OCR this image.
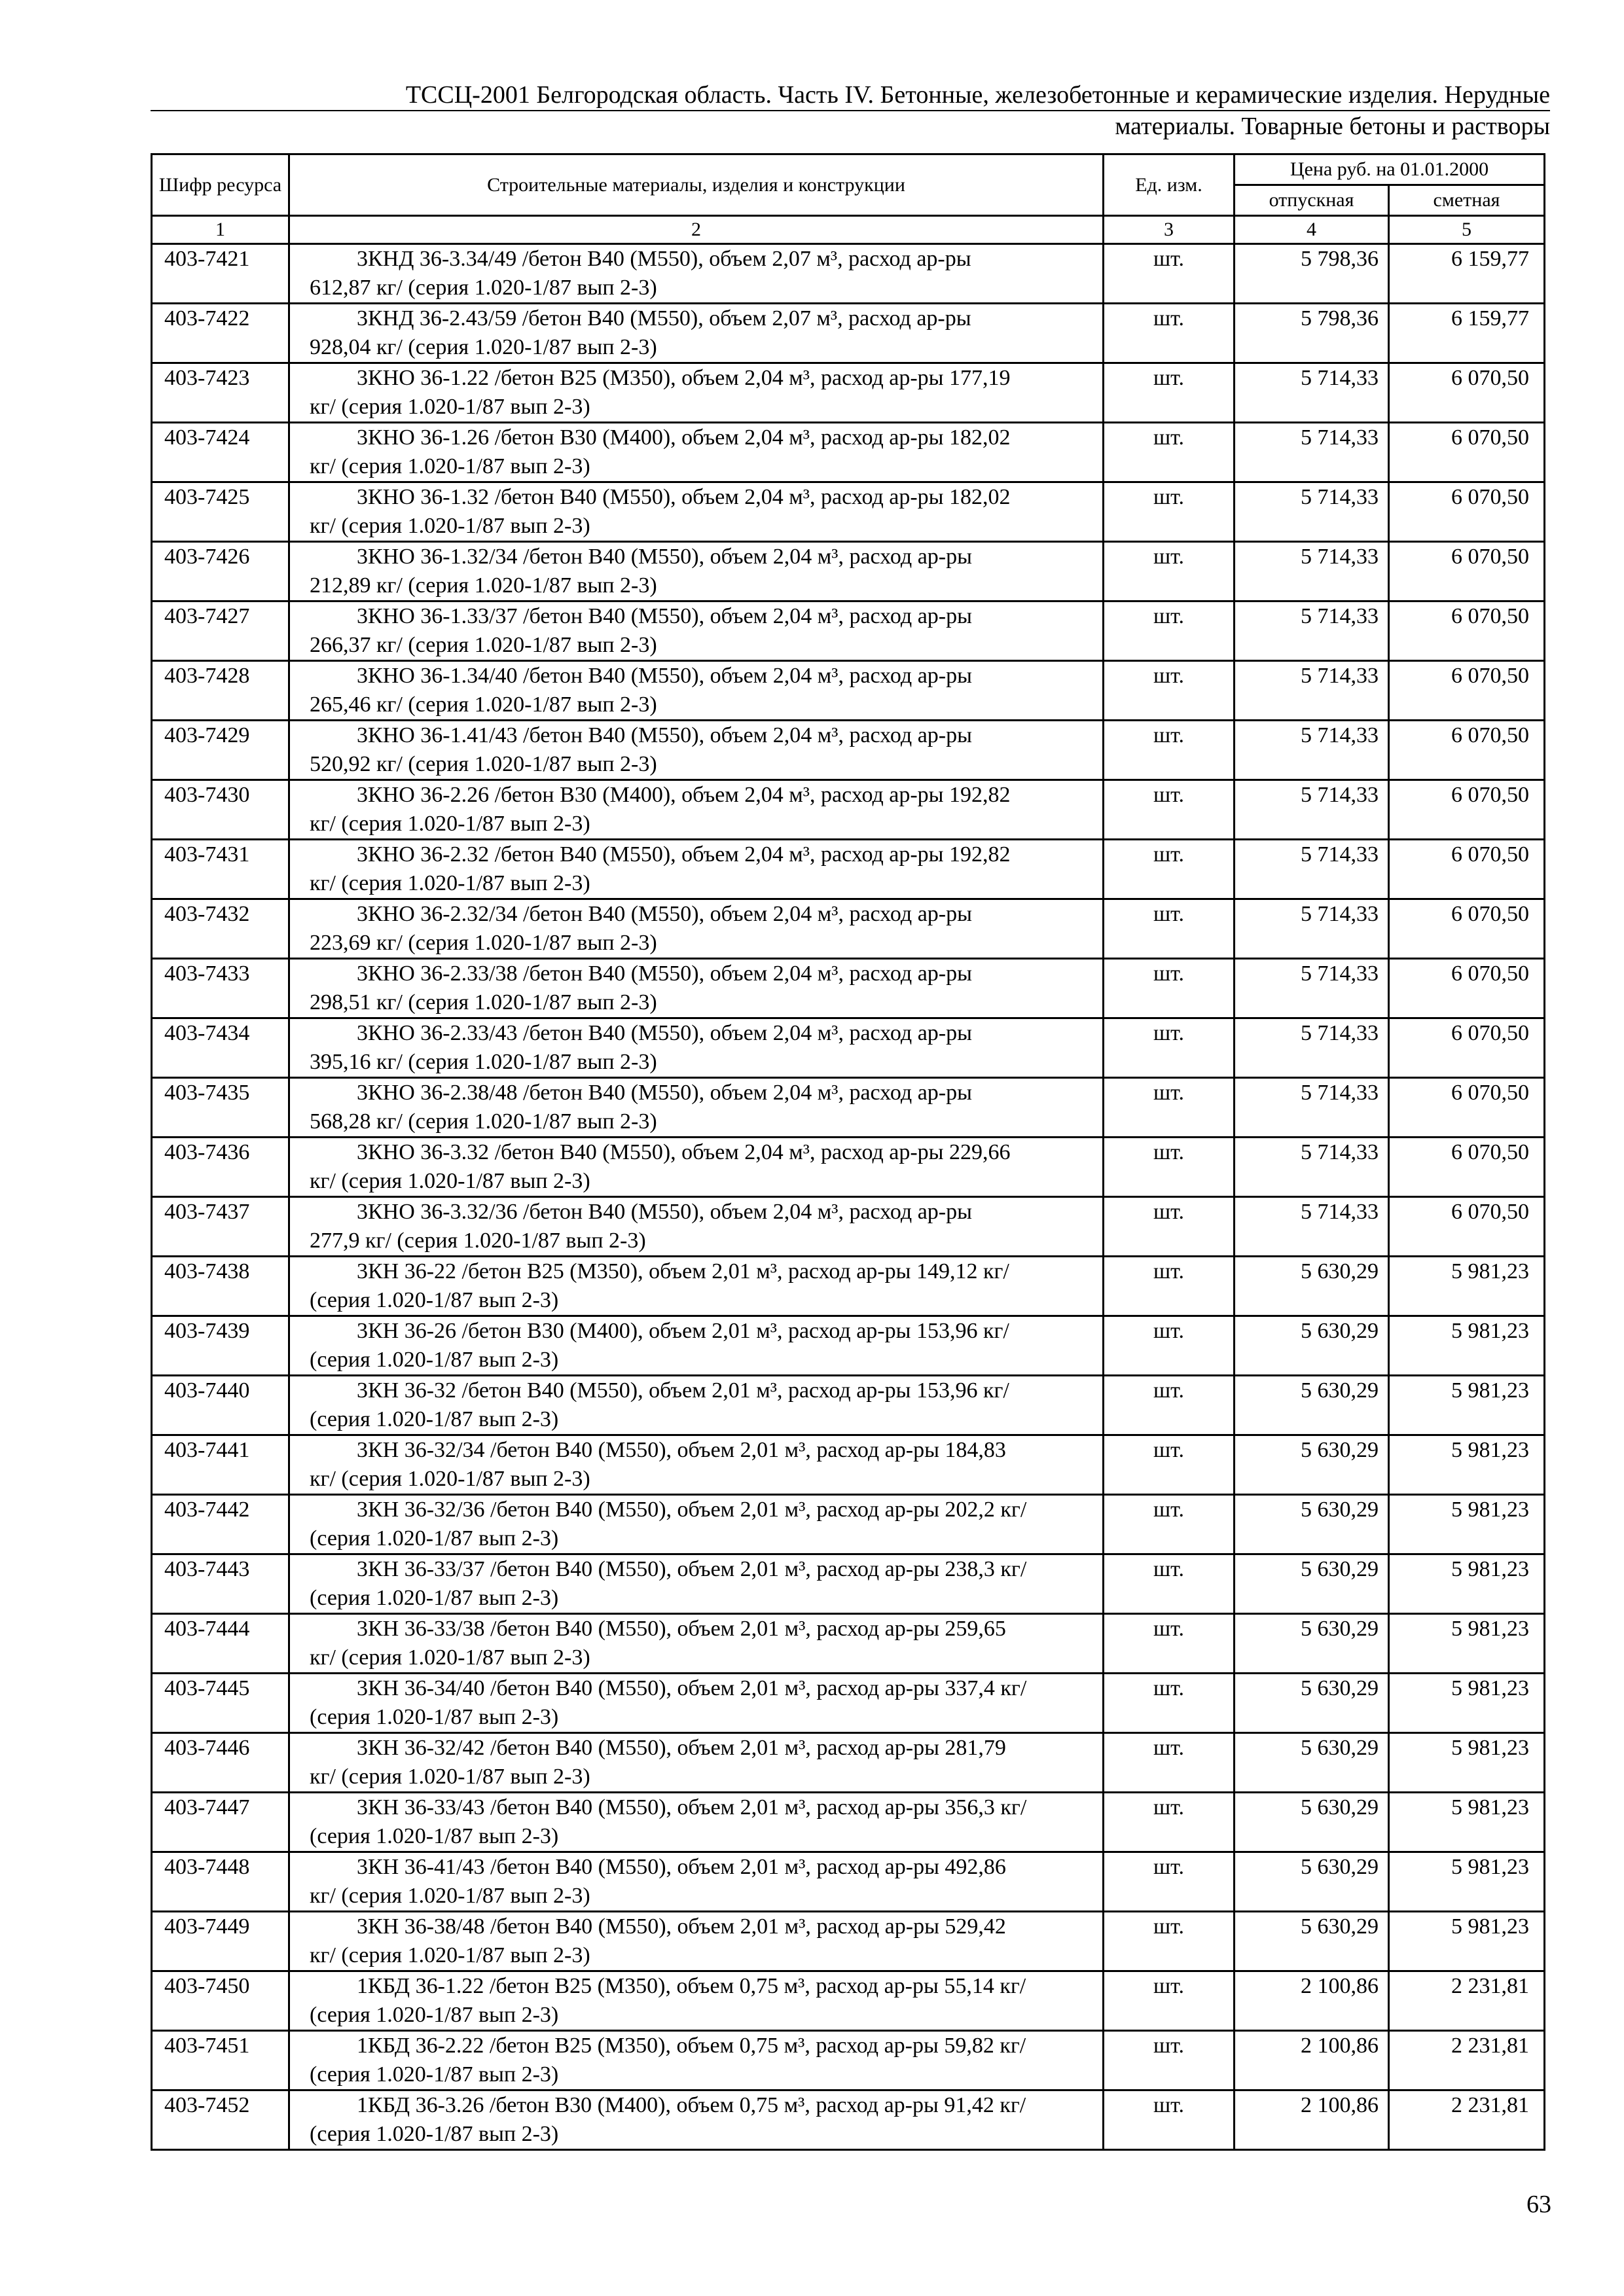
ТССЦ-2001 Белгородская область. Часть IV. Бетонные, железобетонные и керамические изделия. Нерудные
материалы. Товарные бетоны и растворы
Шифр ресурса	Строительные материалы, изделия и конструкции	Ед. изм.	Цена руб. на 01.01.2000	
			отпускная	сметная
1	2	3	4	5
403-7421	3КНД 36-3.34/49 /бетон В40 (М550), объем 2,07 м³, расход ар-ры
612,87 кг/ (серия 1.020-1/87 вып 2-3)	шт.	5 798,36	6 159,77
403-7422	3КНД 36-2.43/59 /бетон В40 (М550), объем 2,07 м³, расход ар-ры
928,04 кг/ (серия 1.020-1/87 вып 2-3)	шт.	5 798,36	6 159,77
403-7423	3КНО 36-1.22 /бетон В25 (М350), объем 2,04 м³, расход ар-ры 177,19
кг/ (серия 1.020-1/87 вып 2-3)	шт.	5 714,33	6 070,50
403-7424	3КНО 36-1.26 /бетон В30 (М400), объем 2,04 м³, расход ар-ры 182,02
кг/ (серия 1.020-1/87 вып 2-3)	шт.	5 714,33	6 070,50
403-7425	3КНО 36-1.32 /бетон В40 (М550), объем 2,04 м³, расход ар-ры 182,02
кг/ (серия 1.020-1/87 вып 2-3)	шт.	5 714,33	6 070,50
403-7426	3КНО 36-1.32/34 /бетон В40 (М550), объем 2,04 м³, расход ар-ры
212,89 кг/ (серия 1.020-1/87 вып 2-3)	шт.	5 714,33	6 070,50
403-7427	3КНО 36-1.33/37 /бетон В40 (М550), объем 2,04 м³, расход ар-ры
266,37 кг/ (серия 1.020-1/87 вып 2-3)	шт.	5 714,33	6 070,50
403-7428	3КНО 36-1.34/40 /бетон В40 (М550), объем 2,04 м³, расход ар-ры
265,46 кг/ (серия 1.020-1/87 вып 2-3)	шт.	5 714,33	6 070,50
403-7429	3КНО 36-1.41/43 /бетон В40 (М550), объем 2,04 м³, расход ар-ры
520,92 кг/ (серия 1.020-1/87 вып 2-3)	шт.	5 714,33	6 070,50
403-7430	3КНО 36-2.26 /бетон В30 (М400), объем 2,04 м³, расход ар-ры 192,82
кг/ (серия 1.020-1/87 вып 2-3)	шт.	5 714,33	6 070,50
403-7431	3КНО 36-2.32 /бетон В40 (М550), объем 2,04 м³, расход ар-ры 192,82
кг/ (серия 1.020-1/87 вып 2-3)	шт.	5 714,33	6 070,50
403-7432	3КНО 36-2.32/34 /бетон В40 (М550), объем 2,04 м³, расход ар-ры
223,69 кг/ (серия 1.020-1/87 вып 2-3)	шт.	5 714,33	6 070,50
403-7433	3КНО 36-2.33/38 /бетон В40 (М550), объем 2,04 м³, расход ар-ры
298,51 кг/ (серия 1.020-1/87 вып 2-3)	шт.	5 714,33	6 070,50
403-7434	3КНО 36-2.33/43 /бетон В40 (М550), объем 2,04 м³, расход ар-ры
395,16 кг/ (серия 1.020-1/87 вып 2-3)	шт.	5 714,33	6 070,50
403-7435	3КНО 36-2.38/48 /бетон В40 (М550), объем 2,04 м³, расход ар-ры
568,28 кг/ (серия 1.020-1/87 вып 2-3)	шт.	5 714,33	6 070,50
403-7436	3КНО 36-3.32 /бетон В40 (М550), объем 2,04 м³, расход ар-ры 229,66
кг/ (серия 1.020-1/87 вып 2-3)	шт.	5 714,33	6 070,50
403-7437	3КНО 36-3.32/36 /бетон В40 (М550), объем 2,04 м³, расход ар-ры
277,9 кг/ (серия 1.020-1/87 вып 2-3)	шт.	5 714,33	6 070,50
403-7438	3КН 36-22 /бетон В25 (М350), объем 2,01 м³, расход ар-ры 149,12 кг/
(серия 1.020-1/87 вып 2-3)	шт.	5 630,29	5 981,23
403-7439	3КН 36-26 /бетон В30 (М400), объем 2,01 м³, расход ар-ры 153,96 кг/
(серия 1.020-1/87 вып 2-3)	шт.	5 630,29	5 981,23
403-7440	3КН 36-32 /бетон В40 (М550), объем 2,01 м³, расход ар-ры 153,96 кг/
(серия 1.020-1/87 вып 2-3)	шт.	5 630,29	5 981,23
403-7441	3КН 36-32/34 /бетон В40 (М550), объем 2,01 м³, расход ар-ры 184,83
кг/ (серия 1.020-1/87 вып 2-3)	шт.	5 630,29	5 981,23
403-7442	3КН 36-32/36 /бетон В40 (М550), объем 2,01 м³, расход ар-ры 202,2 кг/
(серия 1.020-1/87 вып 2-3)	шт.	5 630,29	5 981,23
403-7443	3КН 36-33/37 /бетон В40 (М550), объем 2,01 м³, расход ар-ры 238,3 кг/
(серия 1.020-1/87 вып 2-3)	шт.	5 630,29	5 981,23
403-7444	3КН 36-33/38 /бетон В40 (М550), объем 2,01 м³, расход ар-ры 259,65
кг/ (серия 1.020-1/87 вып 2-3)	шт.	5 630,29	5 981,23
403-7445	3КН 36-34/40 /бетон В40 (М550), объем 2,01 м³, расход ар-ры 337,4 кг/
(серия 1.020-1/87 вып 2-3)	шт.	5 630,29	5 981,23
403-7446	3КН 36-32/42 /бетон В40 (М550), объем 2,01 м³, расход ар-ры 281,79
кг/ (серия 1.020-1/87 вып 2-3)	шт.	5 630,29	5 981,23
403-7447	3КН 36-33/43 /бетон В40 (М550), объем 2,01 м³, расход ар-ры 356,3 кг/
(серия 1.020-1/87 вып 2-3)	шт.	5 630,29	5 981,23
403-7448	3КН 36-41/43 /бетон В40 (М550), объем 2,01 м³, расход ар-ры 492,86
кг/ (серия 1.020-1/87 вып 2-3)	шт.	5 630,29	5 981,23
403-7449	3КН 36-38/48 /бетон В40 (М550), объем 2,01 м³, расход ар-ры 529,42
кг/ (серия 1.020-1/87 вып 2-3)	шт.	5 630,29	5 981,23
403-7450	1КБД 36-1.22 /бетон В25 (М350), объем 0,75 м³, расход ар-ры 55,14 кг/
(серия 1.020-1/87 вып 2-3)	шт.	2 100,86	2 231,81
403-7451	1КБД 36-2.22 /бетон В25 (М350), объем 0,75 м³, расход ар-ры 59,82 кг/
(серия 1.020-1/87 вып 2-3)	шт.	2 100,86	2 231,81
403-7452	1КБД 36-3.26 /бетон В30 (М400), объем 0,75 м³, расход ар-ры 91,42 кг/
(серия 1.020-1/87 вып 2-3)	шт.	2 100,86	2 231,81
63
